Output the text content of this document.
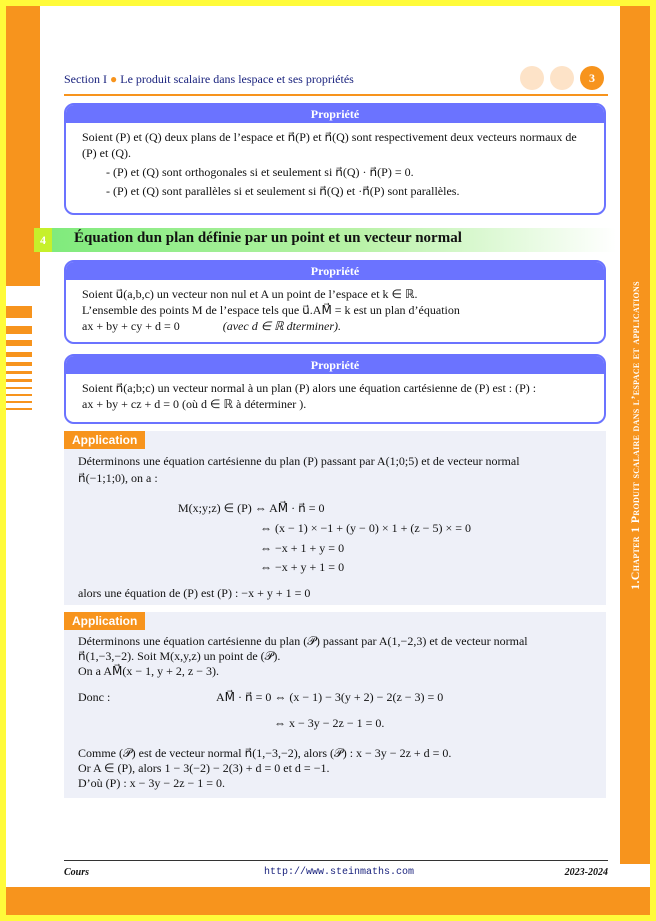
1.Chapter 1 Produit scalaire dans l’espace et applications
Section I ● Le produit scalaire dans lespace et ses propriétés	3
Propriété
Soient (P) et (Q) deux plans de l’espace et n⃗(P) et n⃗(Q) sont respectivement deux vecteurs normaux de (P) et (Q).
- (P) et (Q) sont orthogonales si et seulement si n⃗(Q) · n⃗(P) = 0.
- (P) et (Q) sont parallèles si et seulement si n⃗(Q) et ·n⃗(P) sont parallèles.
4	Équation dun plan définie par un point et un vecteur normal
Propriété
Soient u⃗(a,b,c) un vecteur non nul et A un point de l’espace et k ∈ ℝ.
L’ensemble des points M de l’espace tels que u⃗.AM⃗ = k est un plan d’équation
ax + by + cy + d = 0	(avec d ∈ ℝ dterminer).
Propriété
Soient n⃗(a;b;c) un vecteur normal à un plan (P) alors une équation cartésienne de (P) est : (P) :
ax + by + cz + d = 0 (où d ∈ ℝ à déterminer ).
Application
Déterminons une équation cartésienne du plan (P) passant par A(1;0;5) et de vecteur normal
n⃗(−1;1;0), on a :
M(x;y;z) ∈ (P) ⇔ AM⃗ · n⃗ = 0
⇔ (x − 1) × −1 + (y − 0) × 1 + (z − 5) × = 0
⇔ −x + 1 + y = 0
⇔ −x + y + 1 = 0
alors une équation de (P) est (P) : −x + y + 1 = 0
Application
Déterminons une équation cartésienne du plan (𝒫) passant par A(1,−2,3) et de vecteur normal
n⃗(1,−3,−2). Soit M(x,y,z) un point de (𝒫).
On a AM⃗(x − 1, y + 2, z − 3).
Donc :	AM⃗ · n⃗ = 0 ⇔ (x − 1) − 3(y + 2) − 2(z − 3) = 0
⇔ x − 3y − 2z − 1 = 0.
Comme (𝒫) est de vecteur normal n⃗(1,−3,−2), alors (𝒫) : x − 3y − 2z + d = 0.
Or A ∈ (P), alors 1 − 3(−2) − 2(3) + d = 0 et d = −1.
D’où (P) : x − 3y − 2z − 1 = 0.
Cours	http://www.steinmaths.com	2023-2024
